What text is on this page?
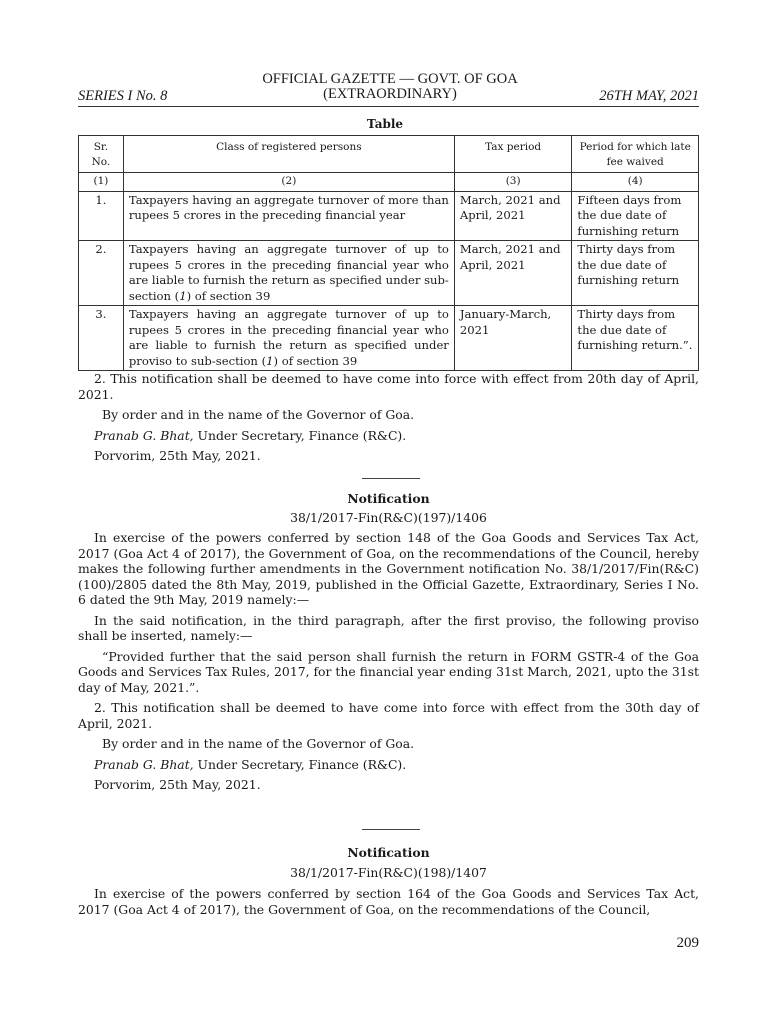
SERIES I No. 8
OFFICIAL GAZETTE — GOVT. OF GOA
(EXTRAORDINARY)	26TH MAY, 2021
Table
Sr. No.	Class of registered persons	Tax period	Period for which late fee waived
(1)	(2)	(3)	(4)
1.	Taxpayers having an aggregate turnover of more than rupees 5 crores in the preceding financial year	March, 2021 and April, 2021	Fifteen days from the due date of furnishing return
2.	Taxpayers having an aggregate turnover of up to rupees 5 crores in the preceding financial year who are liable to furnish the return as specified under sub-section (1) of section 39	March, 2021 and April, 2021	Thirty days from the due date of furnishing return
3.	Taxpayers having an aggregate turnover of up to rupees 5 crores in the preceding financial year who are liable to furnish the return as specified under proviso to sub-section (1) of section 39	January-March, 2021	Thirty days from the due date of furnishing return.”.

2. This notification shall be deemed to have come into force with effect from 20th day of April, 2021.

By order and in the name of the Governor of Goa.

Pranab G. Bhat, Under Secretary, Finance (R&C).

Porvorim, 25th May, 2021.

Notification

38/1/2017-Fin(R&C)(197)/1406

In exercise of the powers conferred by section 148 of the Goa Goods and Services Tax Act, 2017 (Goa Act 4 of 2017), the Government of Goa, on the recommendations of the Council, hereby makes the following further amendments in the Government notification No. 38/1/2017/Fin(R&C)(100)/2805 dated the 8th May, 2019, published in the Official Gazette, Extraordinary, Series I No. 6 dated the 9th May, 2019 namely:—

In the said notification, in the third paragraph, after the first proviso, the following proviso shall be inserted, namely:—

“Provided further that the said person shall furnish the return in FORM GSTR-4 of the Goa Goods and Services Tax Rules, 2017, for the financial year ending 31st March, 2021, upto the 31st day of May, 2021.”.

2. This notification shall be deemed to have come into force with effect from the 30th day of April, 2021.

By order and in the name of the Governor of Goa.

Pranab G. Bhat, Under Secretary, Finance (R&C).

Porvorim, 25th May, 2021.

Notification

38/1/2017-Fin(R&C)(198)/1407

In exercise of the powers conferred by section 164 of the Goa Goods and Services Tax Act, 2017 (Goa Act 4 of 2017), the Government of Goa, on the recommendations of the Council,

209
